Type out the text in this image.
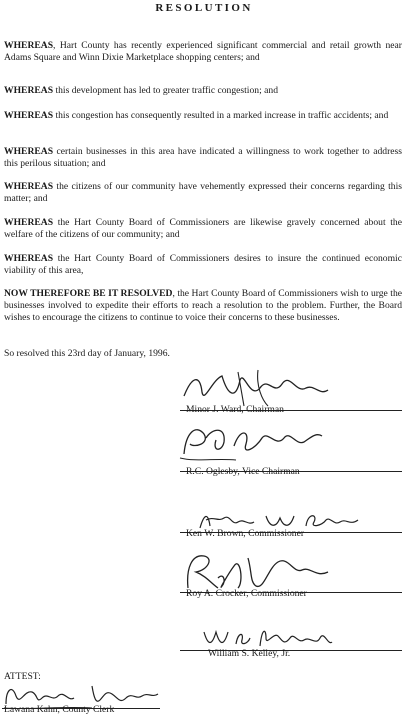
RESOLUTION

WHEREAS, Hart County has recently experienced significant commercial and retail growth near Adams Square and Winn Dixie Marketplace shopping centers; and

WHEREAS this development has led to greater traffic congestion; and

WHEREAS this congestion has consequently resulted in a marked increase in traffic accidents; and

WHEREAS certain businesses in this area have indicated a willingness to work together to address this perilous situation; and

WHEREAS the citizens of our community have vehemently expressed their concerns regarding this matter; and

WHEREAS the Hart County Board of Commissioners are likewise gravely concerned about the welfare of the citizens of our community; and

WHEREAS the Hart County Board of Commissioners desires to insure the continued economic viability of this area,

NOW THEREFORE BE IT RESOLVED, the Hart County Board of Commissioners wish to urge the businesses involved to expedite their efforts to reach a resolution to the problem. Further, the Board wishes to encourage the citizens to continue to voice their concerns to these businesses.

So resolved this 23rd day of January, 1996.
Minor J. Ward, Chairman
R.C. Oglesby, Vice Chairman
Ken W. Brown, Commissioner
Roy A. Crocker, Commissioner
William S. Kelley, Jr.
ATTEST:
Lawana Kahn, County Clerk
